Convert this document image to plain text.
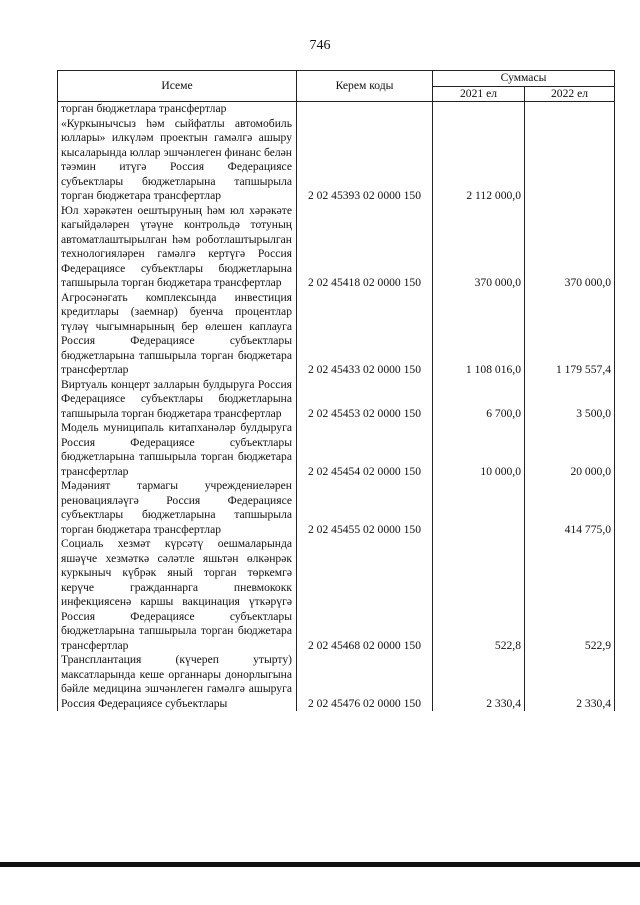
746
Исеме	Керем коды	Суммасы	
		2021 ел	2022 ел
торган бюджетлара трансфертлар			
«Куркынычсыз һәм сыйфатлы автомобиль юллары» илкүләм проектын гамәлгә ашыру кысаларында юллар эшчәнлеген финанс белән тәэмин итүгә Россия Федерациясе субъектлары бюджетларына тапшырыла торган бюджетара трансфертлар	2 02 45393 02 0000 150	2 112 000,0	
Юл хәрәкәтен оештыруның һәм юл хәрәкәте кагыйдәләрен үтәүне контрольдә тотуның автоматлаштырылган һәм роботлаштырылган технологияләрен гамәлгә кертүгә Россия Федерациясе субъектлары бюджетларына тапшырыла торган бюджетара трансфертлар	2 02 45418 02 0000 150	370 000,0	370 000,0
Агросәнәгать комплексында инвестиция кредитлары (заемнар) буенча процентлар түләү чыгымнарының бер өлешен каплауга Россия Федерациясе субъектлары бюджетларына тапшырыла торган бюджетара трансфертлар	2 02 45433 02 0000 150	1 108 016,0	1 179 557,4
Виртуаль концерт залларын булдыруга Россия Федерациясе субъектлары бюджетларына тапшырыла торган бюджетара трансфертлар	2 02 45453 02 0000 150	6 700,0	3 500,0
Модель муниципаль китапханәләр булдыруга Россия Федерациясе субъектлары бюджетларына тапшырыла торган бюджетара трансфертлар	2 02 45454 02 0000 150	10 000,0	20 000,0
Мәдәният тармагы учреждениеләрен реновацияләүгә Россия Федерациясе субъектлары бюджетларына тапшырыла торган бюджетара трансфертлар	2 02 45455 02 0000 150		414 775,0
Социаль хезмәт күрсәтү оешмаларында яшәүче хезмәткә сәләтле яшьтән өлкәнрәк куркыныч күбрәк яный торган төркемгә керүче гражданнарга пневмококк инфекциясенә каршы вакцинация үткәрүгә Россия Федерациясе субъектлары бюджетларына тапшырыла торган бюджетара трансфертлар	2 02 45468 02 0000 150	522,8	522,9
Трансплантация (күчереп утырту) максатларында кеше органнары донорлыгына бәйле медицина эшчәнлеген гамәлгә ашыруга Россия Федерациясе субъектлары	2 02 45476 02 0000 150	2 330,4	2 330,4
